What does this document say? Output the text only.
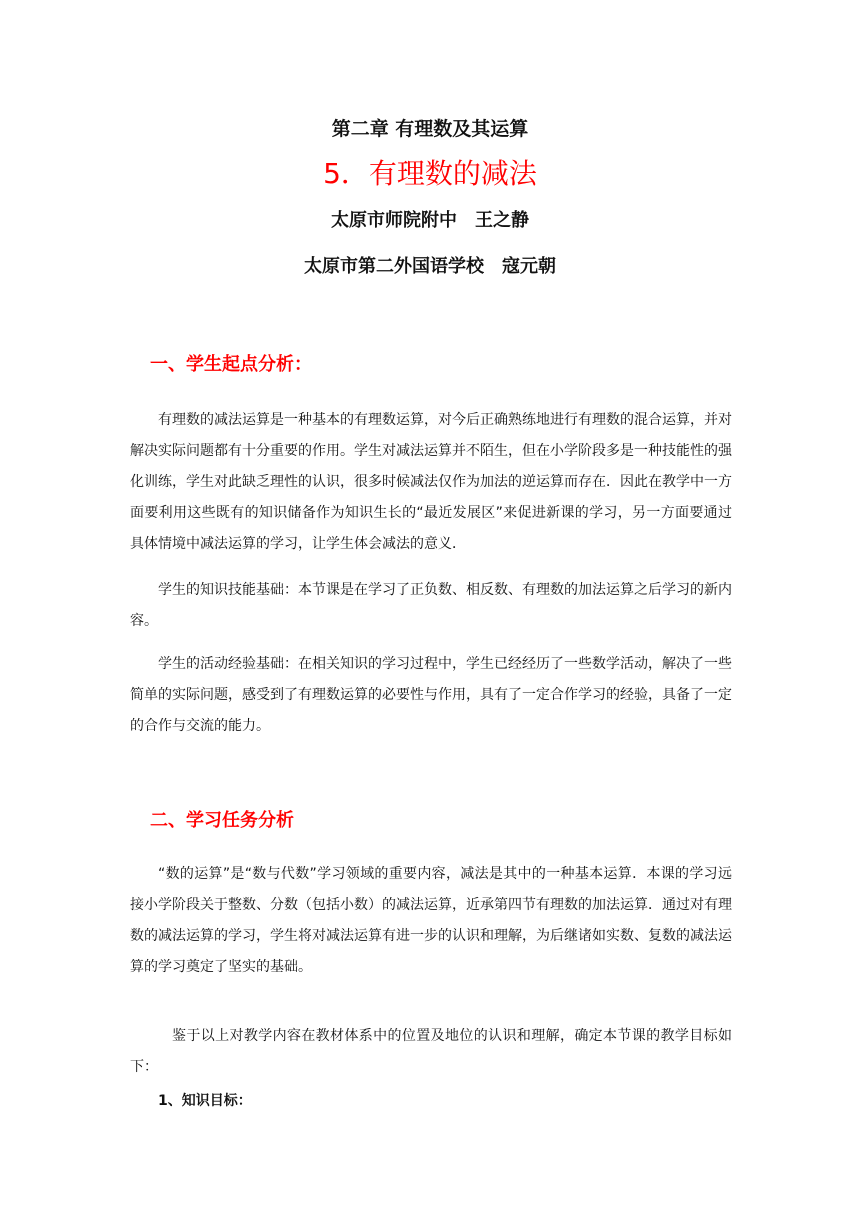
第二章 有理数及其运算
5．有理数的减法
太原市师院附中　王之静
太原市第二外国语学校　寇元朝
一、学生起点分析：
有理数的减法运算是一种基本的有理数运算，对今后正确熟练地进行有理数的混合运算，并对解决实际问题都有十分重要的作用。学生对减法运算并不陌生，但在小学阶段多是一种技能性的强化训练，学生对此缺乏理性的认识，很多时候减法仅作为加法的逆运算而存在．因此在教学中一方面要利用这些既有的知识储备作为知识生长的“最近发展区”来促进新课的学习，另一方面要通过具体情境中减法运算的学习，让学生体会减法的意义．
学生的知识技能基础：本节课是在学习了正负数、相反数、有理数的加法运算之后学习的新内容。
学生的活动经验基础：在相关知识的学习过程中，学生已经经历了一些数学活动，解决了一些简单的实际问题，感受到了有理数运算的必要性与作用，具有了一定合作学习的经验，具备了一定的合作与交流的能力。
二、学习任务分析
“数的运算”是“数与代数”学习领域的重要内容，减法是其中的一种基本运算．本课的学习远接小学阶段关于整数、分数（包括小数）的减法运算，近承第四节有理数的加法运算．通过对有理数的减法运算的学习，学生将对减法运算有进一步的认识和理解，为后继诸如实数、复数的减法运算的学习奠定了坚实的基础。
鉴于以上对教学内容在教材体系中的位置及地位的认识和理解，确定本节课的教学目标如下：
1、知识目标：
